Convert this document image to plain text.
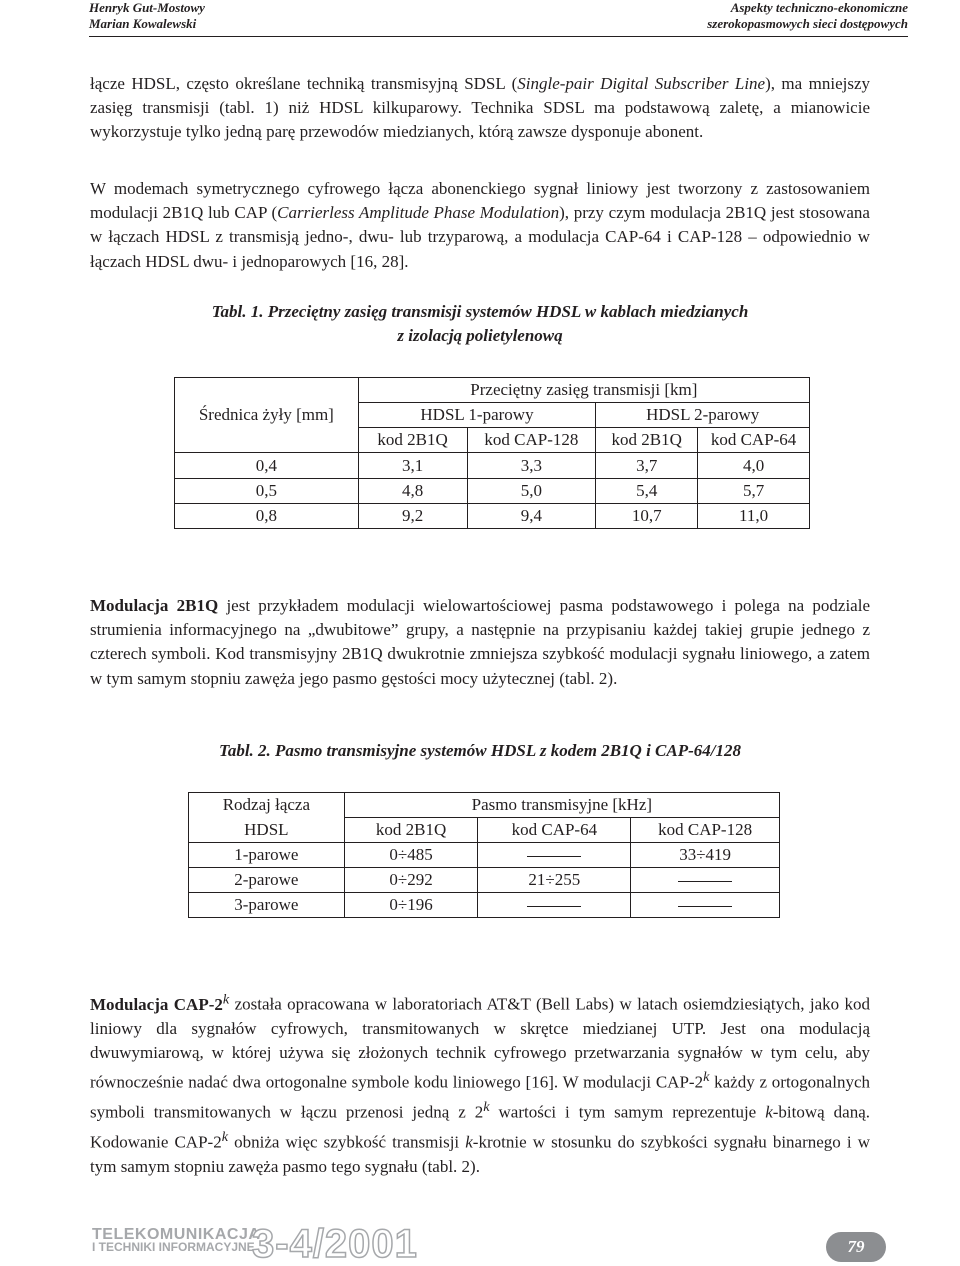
Henryk Gut-Mostowy
Marian Kowalewski
Aspekty techniczno-ekonomiczne
szerokopasmowych sieci dostępowych

łącze HDSL, często określane techniką transmisyjną SDSL (Single-pair Digital Subscriber Line), ma mniejszy zasięg transmisji (tabl. 1) niż HDSL kilkuparowy. Technika SDSL ma podstawową zaletę, a mianowicie wykorzystuje tylko jedną parę przewodów miedzianych, którą zawsze dysponuje abonent.

W modemach symetrycznego cyfrowego łącza abonenckiego sygnał liniowy jest tworzony z zastosowaniem modulacji 2B1Q lub CAP (Carrierless Amplitude Phase Modulation), przy czym modulacja 2B1Q jest stosowana w łączach HDSL z transmisją jedno-, dwu- lub trzyparową, a modulacja CAP-64 i CAP-128 – odpowiednio w łączach HDSL dwu- i jednoparowych [16, 28].

Tabl. 1. Przeciętny zasięg transmisji systemów HDSL w kablach miedzianych
z izolacją polietylenową

Średnica żyły [mm]	Przeciętny zasięg transmisji [km]			
	HDSL 1-parowy		HDSL 2-parowy	
	kod 2B1Q	kod CAP-128	kod 2B1Q	kod CAP-64
0,4	3,1	3,3	3,7	4,0
0,5	4,8	5,0	5,4	5,7
0,8	9,2	9,4	10,7	11,0

Modulacja 2B1Q jest przykładem modulacji wielowartościowej pasma podstawowego i polega na podziale strumienia informacyjnego na „dwubitowe” grupy, a następnie na przypisaniu każdej takiej grupie jednego z czterech symboli. Kod transmisyjny 2B1Q dwukrotnie zmniejsza szybkość modulacji sygnału liniowego, a zatem w tym samym stopniu zawęża jego pasmo gęstości mocy użytecznej (tabl. 2).

Tabl. 2. Pasmo transmisyjne systemów HDSL z kodem 2B1Q i CAP-64/128

Rodzaj łącza	Pasmo transmisyjne [kHz]		
HDSL	kod 2B1Q	kod CAP-64	kod CAP-128
1-parowe	0÷485		33÷419
2-parowe	0÷292	21÷255	
3-parowe	0÷196		

Modulacja CAP-2$^k$ została opracowana w laboratoriach AT&T (Bell Labs) w latach osiemdziesiątych, jako kod liniowy dla sygnałów cyfrowych, transmitowanych w skrętce miedzianej UTP. Jest ona modulacją dwuwymiarową, w której używa się złożonych technik cyfrowego przetwarzania sygnałów w tym celu, aby równocześnie nadać dwa ortogonalne symbole kodu liniowego [16]. W modulacji CAP-2$^k$ każdy z ortogonalnych symboli transmitowanych w łączu przenosi jedną z 2$^k$ wartości i tym samym reprezentuje k-bitową daną. Kodowanie CAP-2$^k$ obniża więc szybkość transmisji k-krotnie w stosunku do szybkości sygnału binarnego i w tym samym stopniu zawęża pasmo tego sygnału (tabl. 2).

TELEKOMUNIKACJA
I TECHNIKI INFORMACYJNE
3-4/2001	79
